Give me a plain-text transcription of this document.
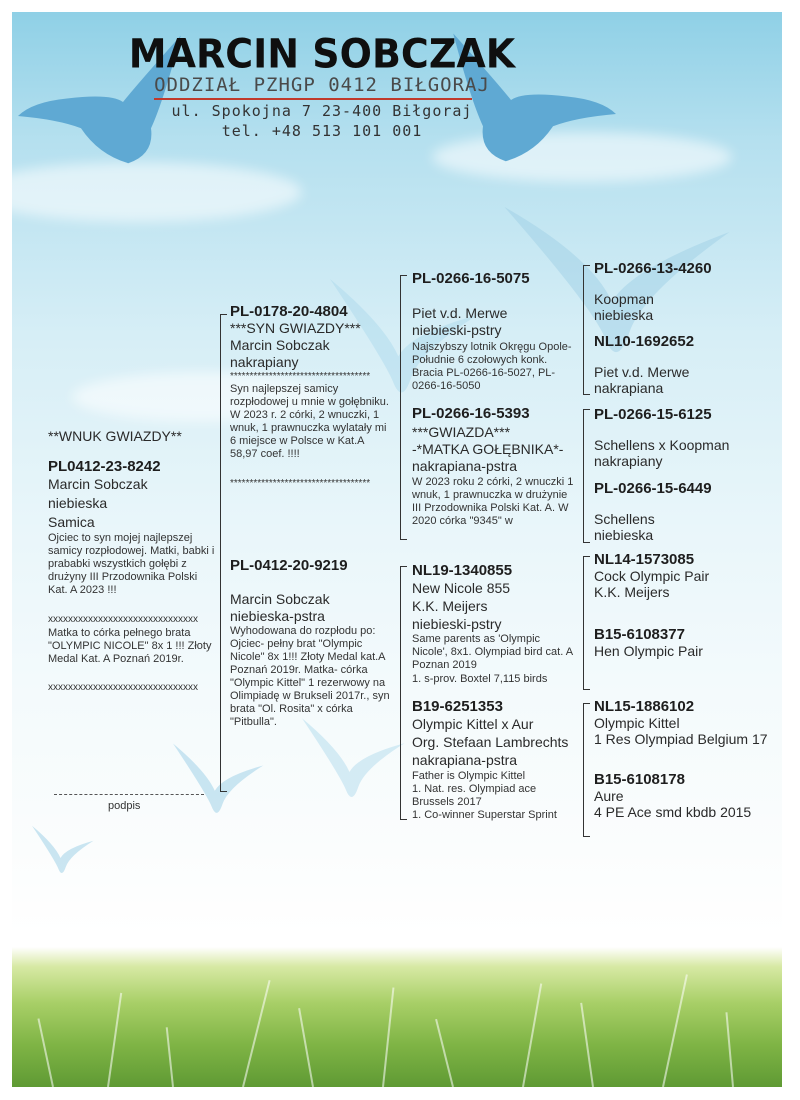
MARCIN SOBCZAK
ODDZIAŁ PZHGP 0412 BIŁGORAJ
ul. Spokojna 7 23-400 Biłgoraj
tel. +48 513 101 001
**WNUK GWIAZDY**
PL0412-23-8242
Marcin Sobczak
niebieska
Samica
Ojciec to syn mojej najlepszej samicy rozpłodowej. Matki, babki i prababki wszystkich gołębi z drużyny III Przodownika Polski Kat. A 2023 !!!
xxxxxxxxxxxxxxxxxxxxxxxxxxxxxx
Matka to córka pełnego brata "OLYMPIC NICOLE" 8x 1 !!! Złoty Medal Kat. A Poznań 2019r.
xxxxxxxxxxxxxxxxxxxxxxxxxxxxxx
podpis
PL-0178-20-4804
***SYN GWIAZDY***
Marcin Sobczak
nakrapiany
************************************
Syn najlepszej samicy rozpłodowej u mnie w gołębniku. W 2023 r. 2 córki, 2 wnuczki, 1 wnuk, 1 prawnuczka wylatały mi 6 miejsce w Polsce w Kat.A 58,97 coef. !!!!
************************************
PL-0412-20-9219
Marcin Sobczak
niebieska-pstra
Wyhodowana do rozpłodu po: Ojciec- pełny brat "Olympic Nicole" 8x 1!!! Złoty Medal kat.A Poznań 2019r. Matka- córka "Olympic Kittel" 1 rezerwowy na Olimpiadę w Brukseli 2017r., syn brata "Ol. Rosita" x córka "Pitbulla".
PL-0266-16-5075
Piet v.d. Merwe
niebieski-pstry
Najszybszy lotnik Okręgu Opole- Południe 6 czołowych konk. Bracia PL-0266-16-5027, PL-0266-16-5050
PL-0266-16-5393
***GWIAZDA***
-*MATKA GOŁĘBNIKA*-
nakrapiana-pstra
W 2023 roku 2 córki, 2 wnuczki 1 wnuk, 1 prawnuczka w drużynie III Przodownika Polski Kat. A. W 2020 córka "9345" w
NL19-1340855
New Nicole 855
K.K. Meijers
niebieski-pstry
Same parents as 'Olympic Nicole', 8x1. Olympiad bird cat. A Poznan 2019
1. s-prov. Boxtel 7,115 birds
B19-6251353
Olympic Kittel x Aur
Org. Stefaan Lambrechts
nakrapiana-pstra
Father is Olympic Kittel
1. Nat. res. Olympiad ace Brussels 2017
1. Co-winner Superstar Sprint
PL-0266-13-4260
Koopman
niebieska
NL10-1692652
Piet v.d. Merwe
nakrapiana
PL-0266-15-6125
Schellens x Koopman
nakrapiany
PL-0266-15-6449
Schellens
niebieska
NL14-1573085
Cock Olympic Pair
K.K. Meijers
B15-6108377
Hen Olympic Pair
NL15-1886102
Olympic Kittel
1 Res Olympiad Belgium 17
B15-6108178
Aure
4 PE Ace smd kbdb 2015
